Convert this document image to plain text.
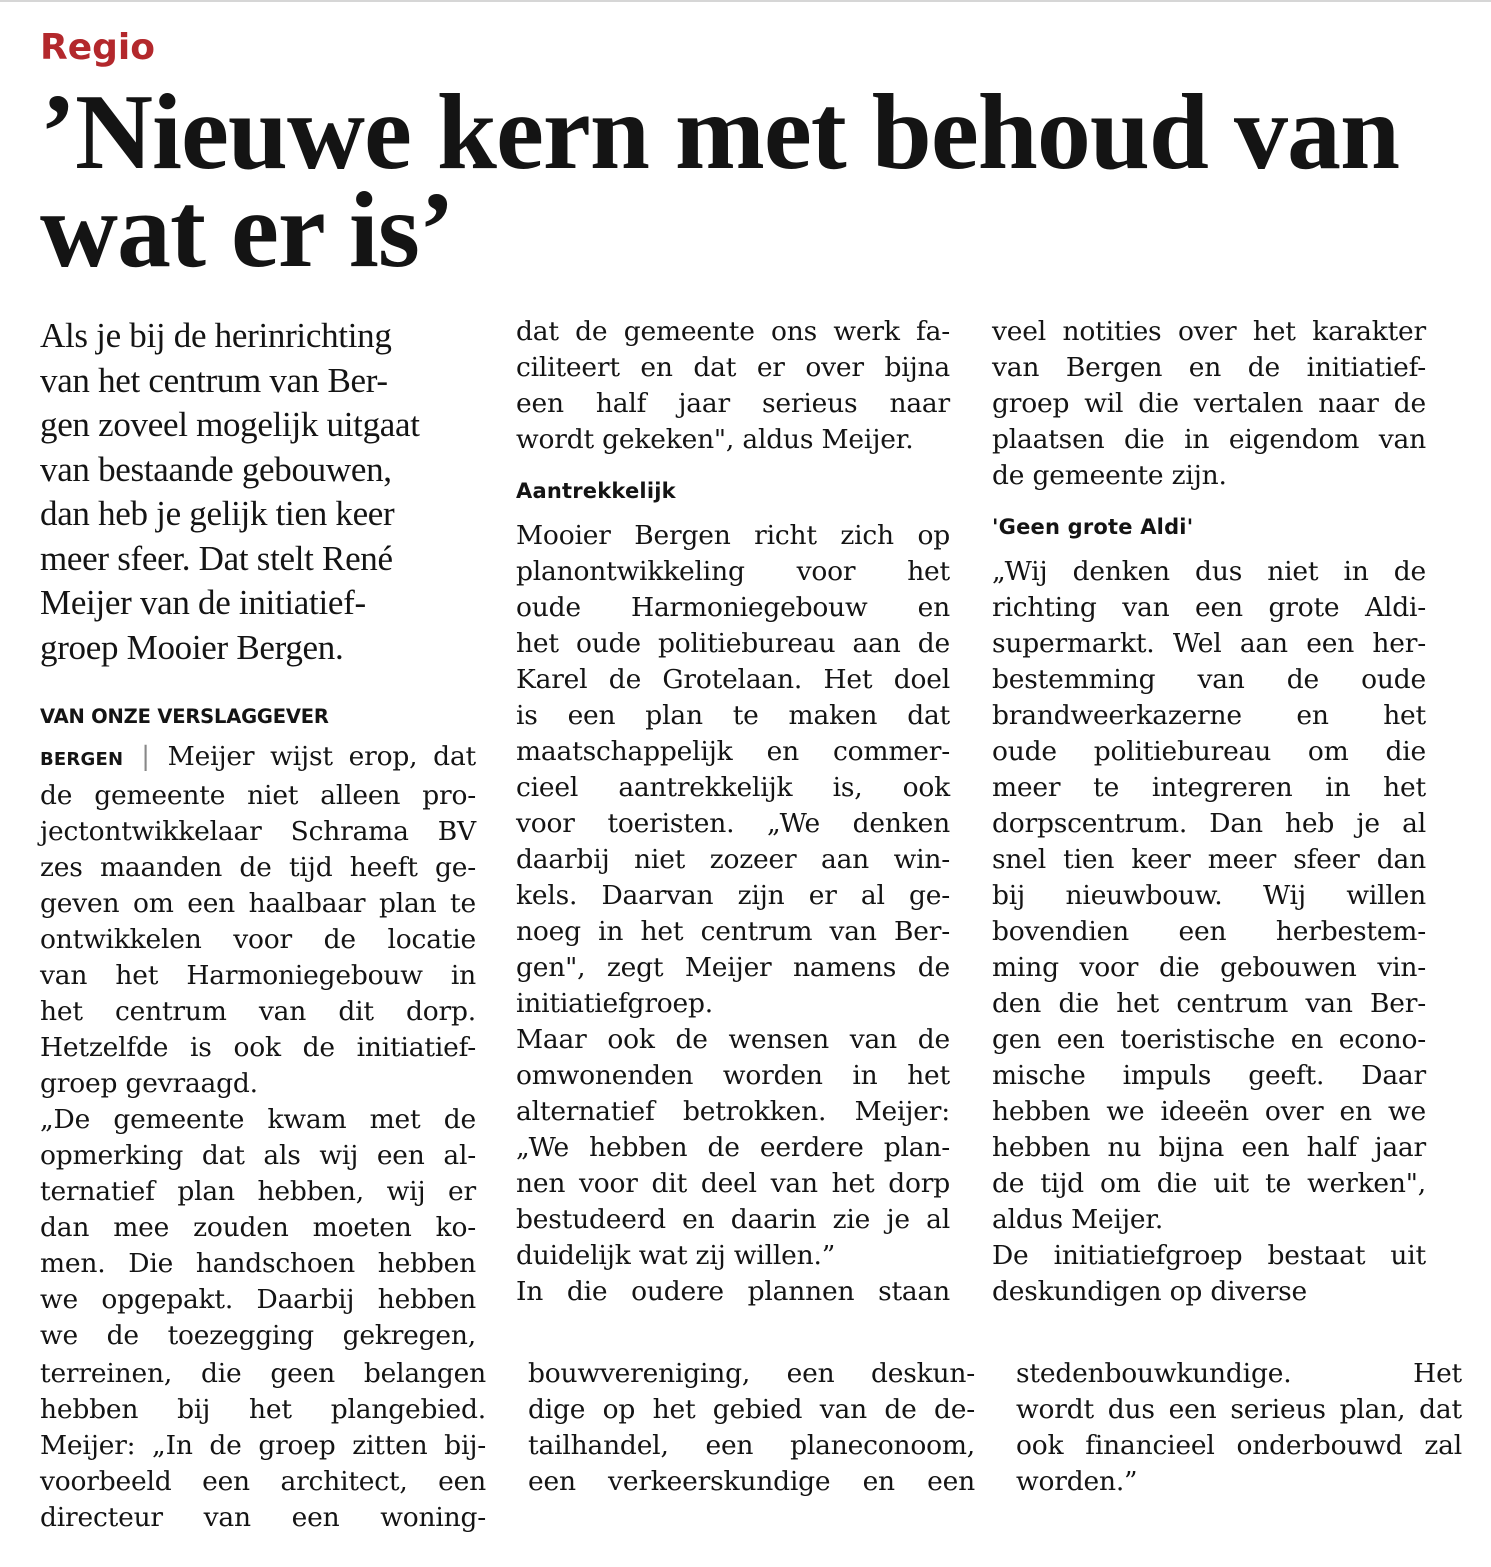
Regio
’Nieuwe kern met behoud van
wat er is’
Als je bij de herinrichting
van het centrum van Ber-
gen zoveel mogelijk uitgaat
van bestaande gebouwen,
dan heb je gelijk tien keer
meer sfeer. Dat stelt René
Meijer van de initiatief-
groep Mooier Bergen.
VAN ONZE VERSLAGGEVER
BERGEN | Meijer wijst erop, dat
de gemeente niet alleen pro-
jectontwikkelaar Schrama BV
zes maanden de tijd heeft ge-
geven om een haalbaar plan te
ontwikkelen voor de locatie
van het Harmoniegebouw in
het centrum van dit dorp.
Hetzelfde is ook de initiatief-
groep gevraagd.
„De gemeente kwam met de
opmerking dat als wij een al-
ternatief plan hebben, wij er
dan mee zouden moeten ko-
men. Die handschoen hebben
we opgepakt. Daarbij hebben
we de toezegging gekregen,
dat de gemeente ons werk fa-
ciliteert en dat er over bijna
een half jaar serieus naar
wordt gekeken", aldus Meijer.
Aantrekkelijk
Mooier Bergen richt zich op
planontwikkeling voor het
oude Harmoniegebouw en
het oude politiebureau aan de
Karel de Grotelaan. Het doel
is een plan te maken dat
maatschappelijk en commer-
cieel aantrekkelijk is, ook
voor toeristen. „We denken
daarbij niet zozeer aan win-
kels. Daarvan zijn er al ge-
noeg in het centrum van Ber-
gen", zegt Meijer namens de
initiatiefgroep.
Maar ook de wensen van de
omwonenden worden in het
alternatief betrokken. Meijer:
„We hebben de eerdere plan-
nen voor dit deel van het dorp
bestudeerd en daarin zie je al
duidelijk wat zij willen.”
In die oudere plannen staan
veel notities over het karakter
van Bergen en de initiatief-
groep wil die vertalen naar de
plaatsen die in eigendom van
de gemeente zijn.
'Geen grote Aldi'
„Wij denken dus niet in de
richting van een grote Aldi-
supermarkt. Wel aan een her-
bestemming van de oude
brandweerkazerne en het
oude politiebureau om die
meer te integreren in het
dorpscentrum. Dan heb je al
snel tien keer meer sfeer dan
bij nieuwbouw. Wij willen
bovendien een herbestem-
ming voor die gebouwen vin-
den die het centrum van Ber-
gen een toeristische en econo-
mische impuls geeft. Daar
hebben we ideeën over en we
hebben nu bijna een half jaar
de tijd om die uit te werken",
aldus Meijer.
De initiatiefgroep bestaat uit
deskundigen op diverse
terreinen, die geen belangen
hebben bij het plangebied.
Meijer: „In de groep zitten bij-
voorbeeld een architect, een
directeur van een woning-
bouwvereniging, een deskun-
dige op het gebied van de de-
tailhandel, een planeconoom,
een verkeerskundige en een
stedenbouwkundige. Het
wordt dus een serieus plan, dat
ook financieel onderbouwd zal
worden.”
